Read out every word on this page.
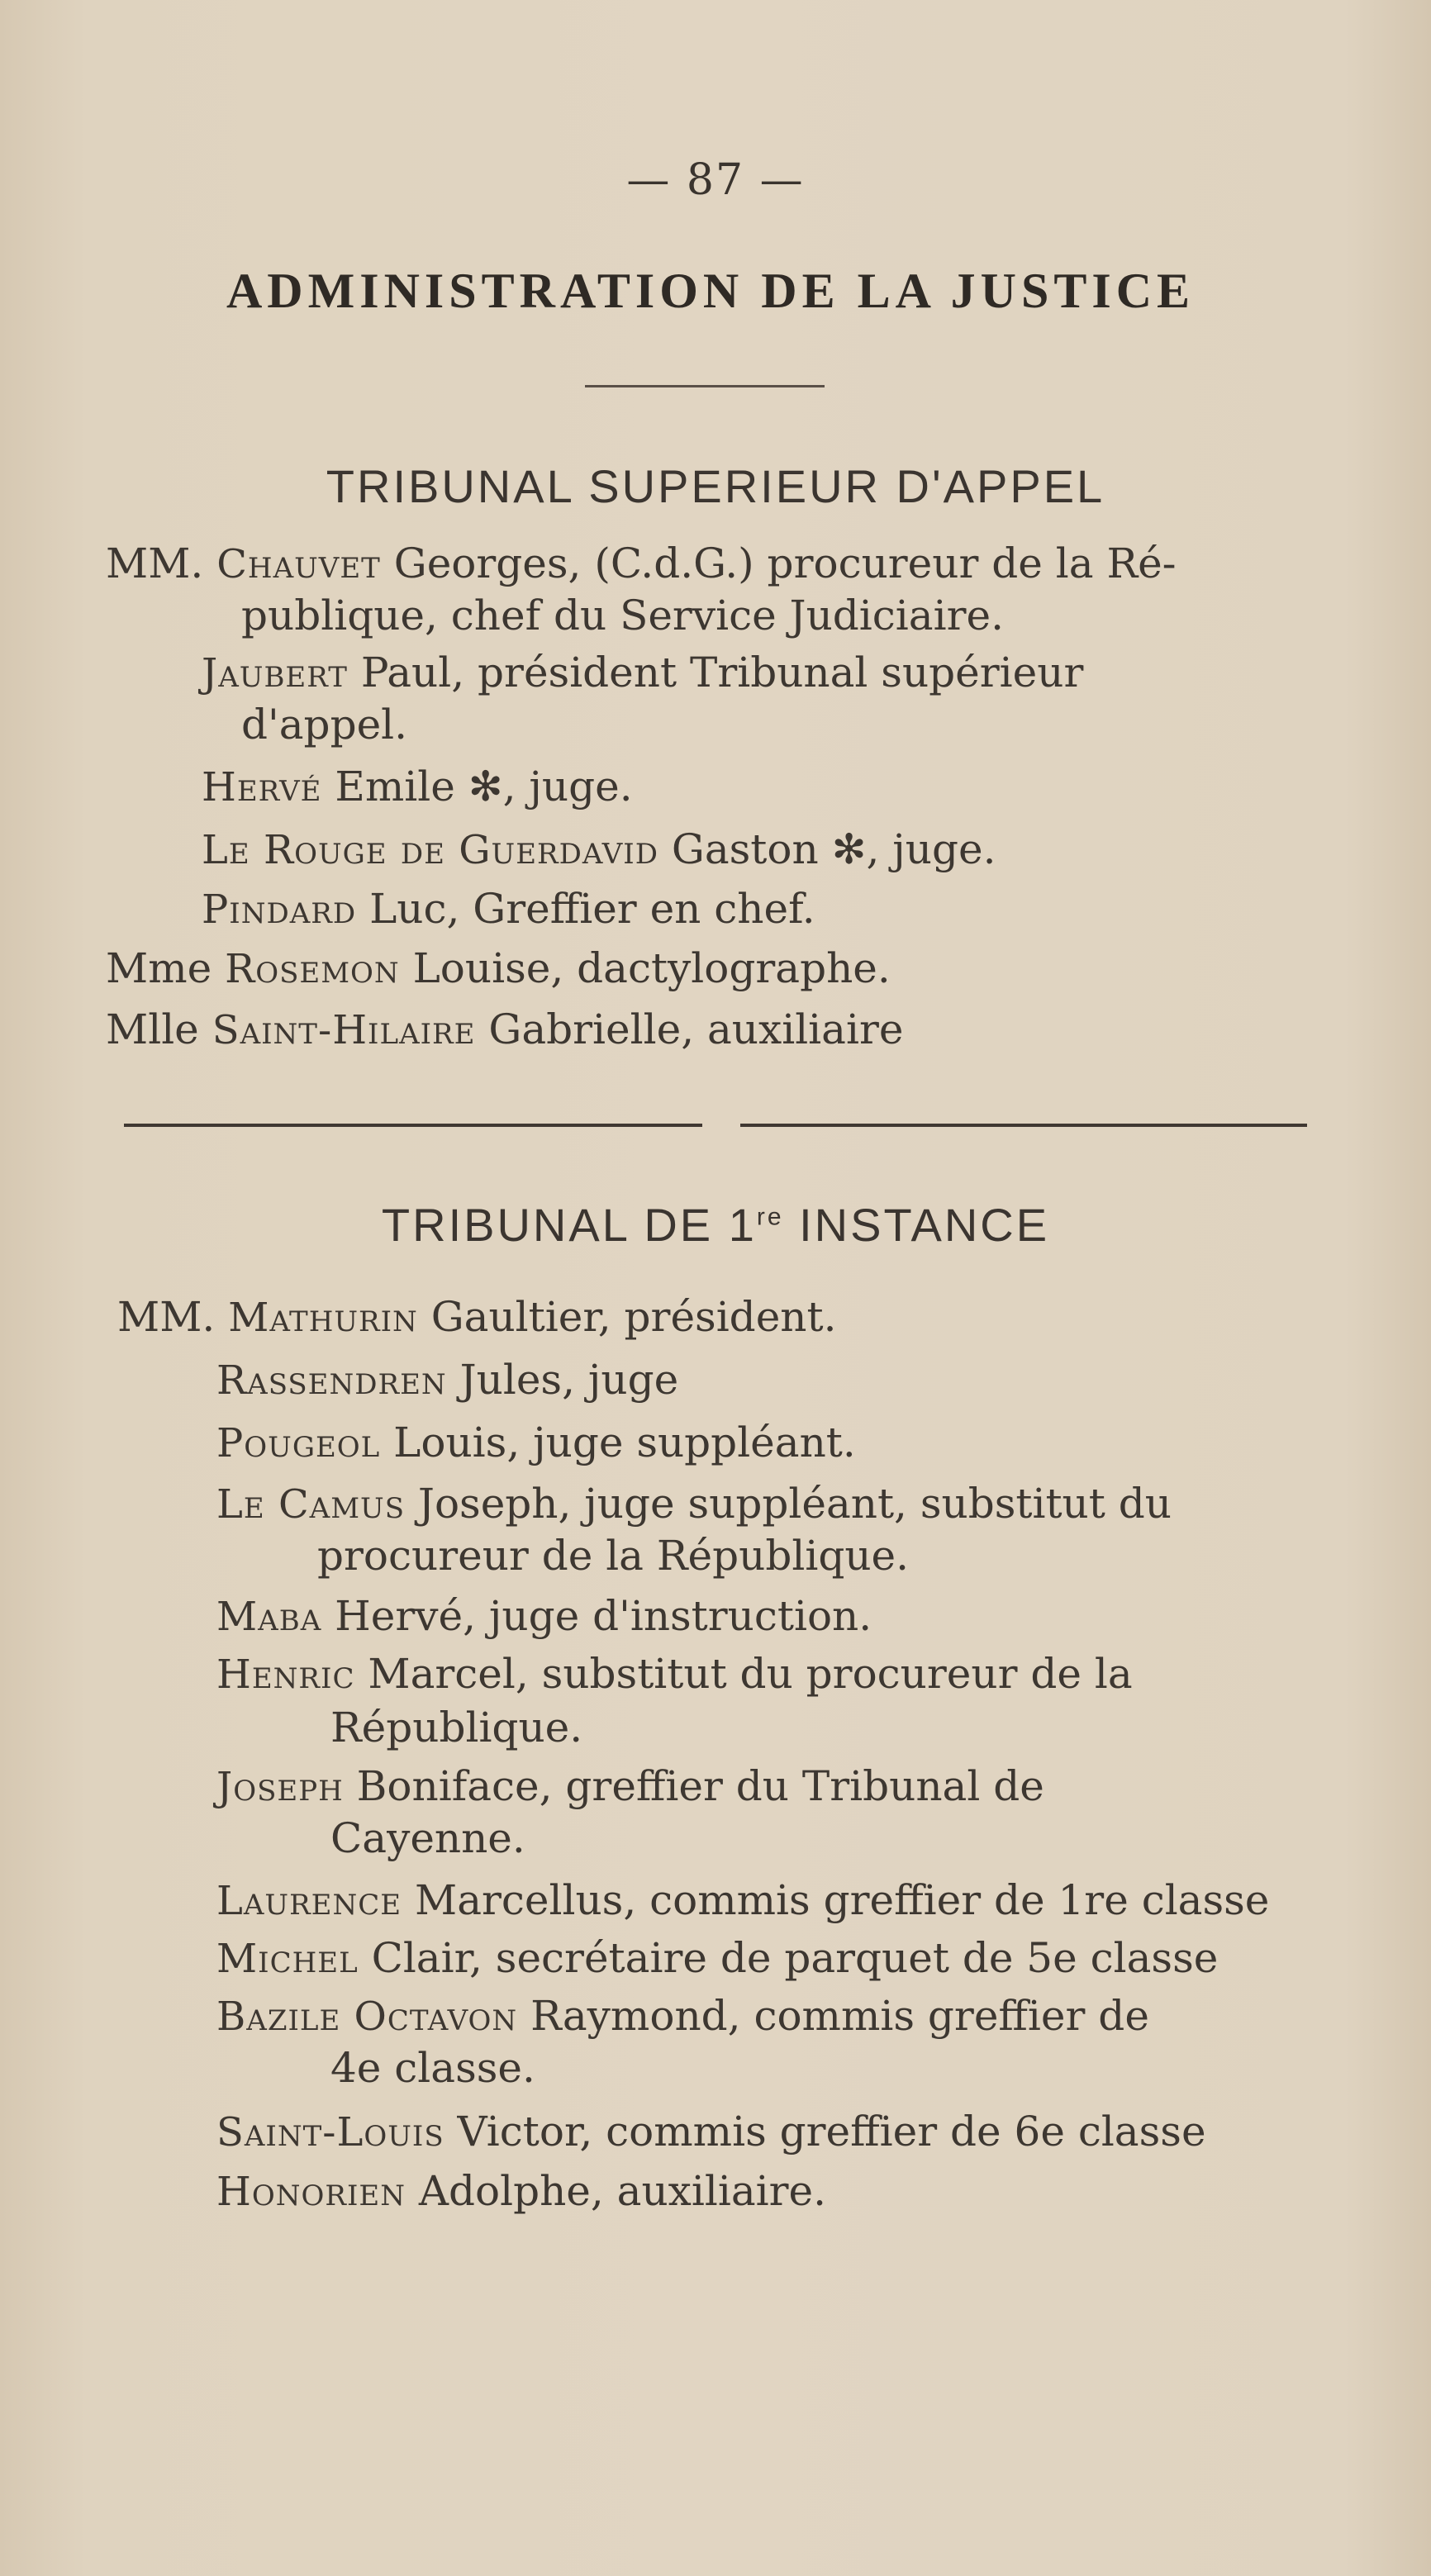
— 87 —
ADMINISTRATION DE LA JUSTICE
TRIBUNAL SUPERIEUR D'APPEL
MM. Chauvet Georges, (C.d.G.) procureur de la Ré-
publique, chef du Service Judiciaire.
Jaubert Paul, président Tribunal supérieur
d'appel.
Hervé Emile ✻, juge.
Le Rouge de Guerdavid Gaston ✻, juge.
Pindard Luc, Greffier en chef.
Mme Rosemon Louise, dactylographe.
Mlle Saint-Hilaire Gabrielle, auxiliaire
TRIBUNAL DE 1re INSTANCE
MM. Mathurin Gaultier, président.
Rassendren Jules, juge
Pougeol Louis, juge suppléant.
Le Camus Joseph, juge suppléant, substitut du
procureur de la République.
Maba Hervé, juge d'instruction.
Henric Marcel, substitut du procureur de la
République.
Joseph Boniface, greffier du Tribunal de
Cayenne.
Laurence Marcellus, commis greffier de 1re classe
Michel Clair, secrétaire de parquet de 5e classe
Bazile Octavon Raymond, commis greffier de
4e classe.
Saint-Louis Victor, commis greffier de 6e classe
Honorien Adolphe, auxiliaire.
